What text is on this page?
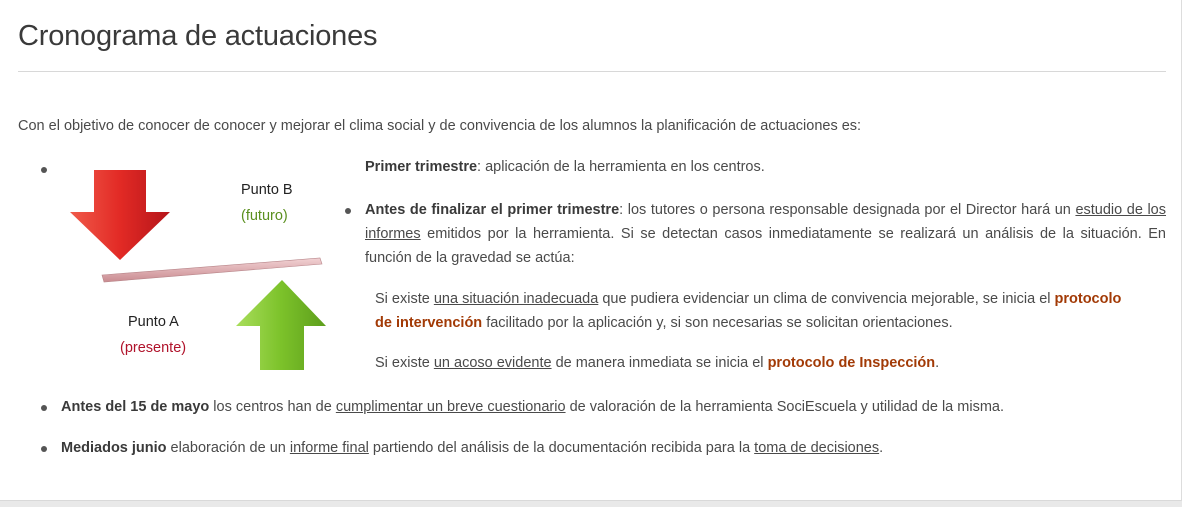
Cronograma de actuaciones
Con el objetivo de conocer de conocer y mejorar el clima social y de convivencia de los alumnos la planificación de actuaciones es:
Punto B
(futuro)
Punto A
(presente)
Primer trimestre: aplicación de la herramienta en los centros.
Antes de finalizar el primer trimestre: los tutores o persona responsable designada por el Director hará un estudio de los informes emitidos por la herramienta. Si se detectan casos inmediatamente se realizará un análisis de la situación. En función de la gravedad se actúa:
Si existe una situación inadecuada que pudiera evidenciar un clima de convivencia mejorable, se inicia el protocolo de intervención facilitado por la aplicación y, si son necesarias se solicitan orientaciones.
Si existe un acoso evidente de manera inmediata se inicia el protocolo de Inspección.
Antes del 15 de mayo los centros han de cumplimentar un breve cuestionario de valoración de la herramienta SociEscuela y utilidad de la misma.
Mediados junio elaboración de un informe final partiendo del análisis de la documentación recibida para la toma de decisiones.
